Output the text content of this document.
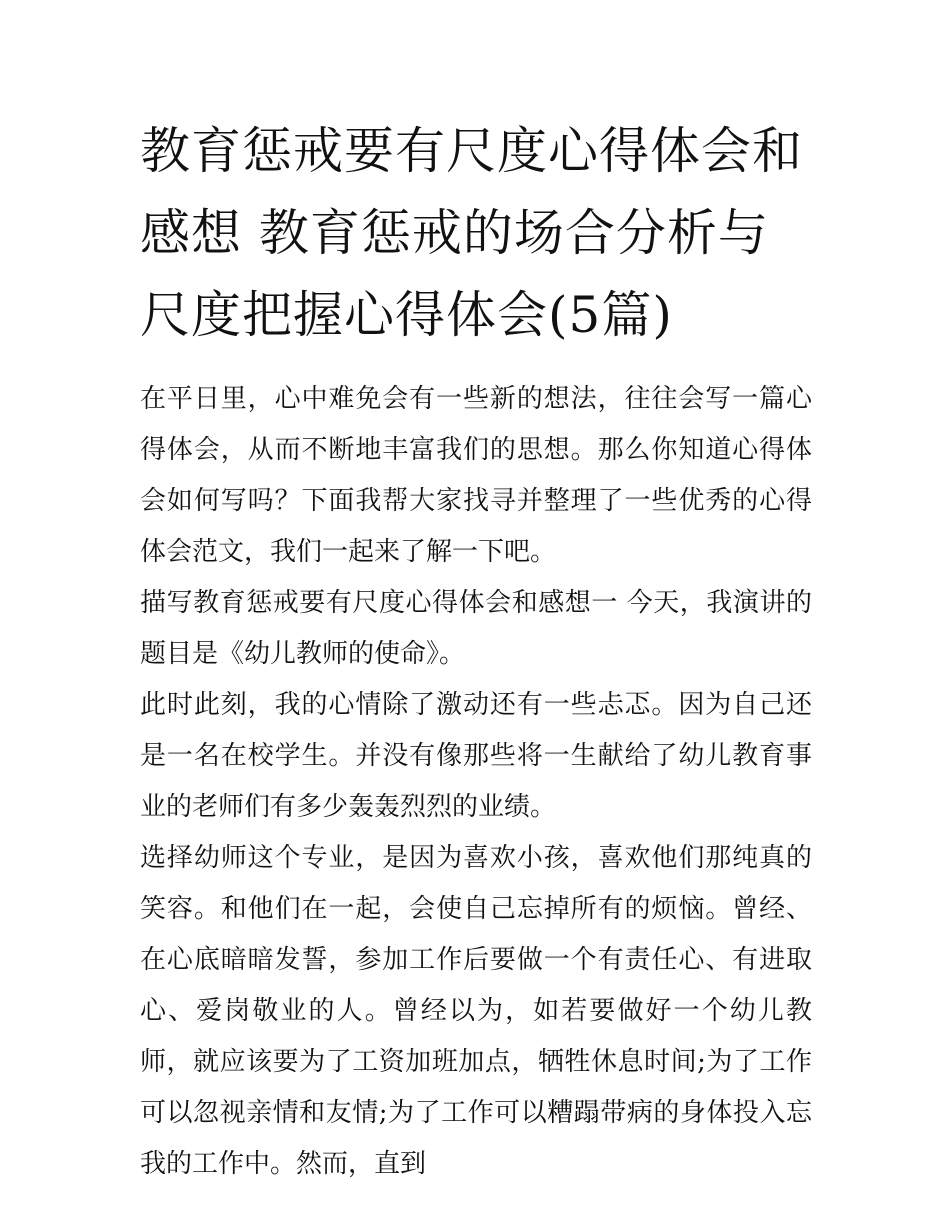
教育惩戒要有尺度心得体会和感想 教育惩戒的场合分析与尺度把握心得体会(5篇)

在平日里，心中难免会有一些新的想法，往往会写一篇心得体会，从而不断地丰富我们的思想。那么你知道心得体会如何写吗？下面我帮大家找寻并整理了一些优秀的心得体会范文，我们一起来了解一下吧。

描写教育惩戒要有尺度心得体会和感想一 今天，我演讲的题目是《幼儿教师的使命》。

此时此刻，我的心情除了激动还有一些忐忑。因为自己还是一名在校学生。并没有像那些将一生献给了幼儿教育事业的老师们有多少轰轰烈烈的业绩。

选择幼师这个专业，是因为喜欢小孩，喜欢他们那纯真的笑容。和他们在一起，会使自己忘掉所有的烦恼。曾经、在心底暗暗发誓，参加工作后要做一个有责任心、有进取心、爱岗敬业的人。曾经以为，如若要做好一个幼儿教师，就应该要为了工资加班加点，牺牲休息时间;为了工作可以忽视亲情和友情;为了工作可以糟蹋带病的身体投入忘我的工作中。然而，直到
